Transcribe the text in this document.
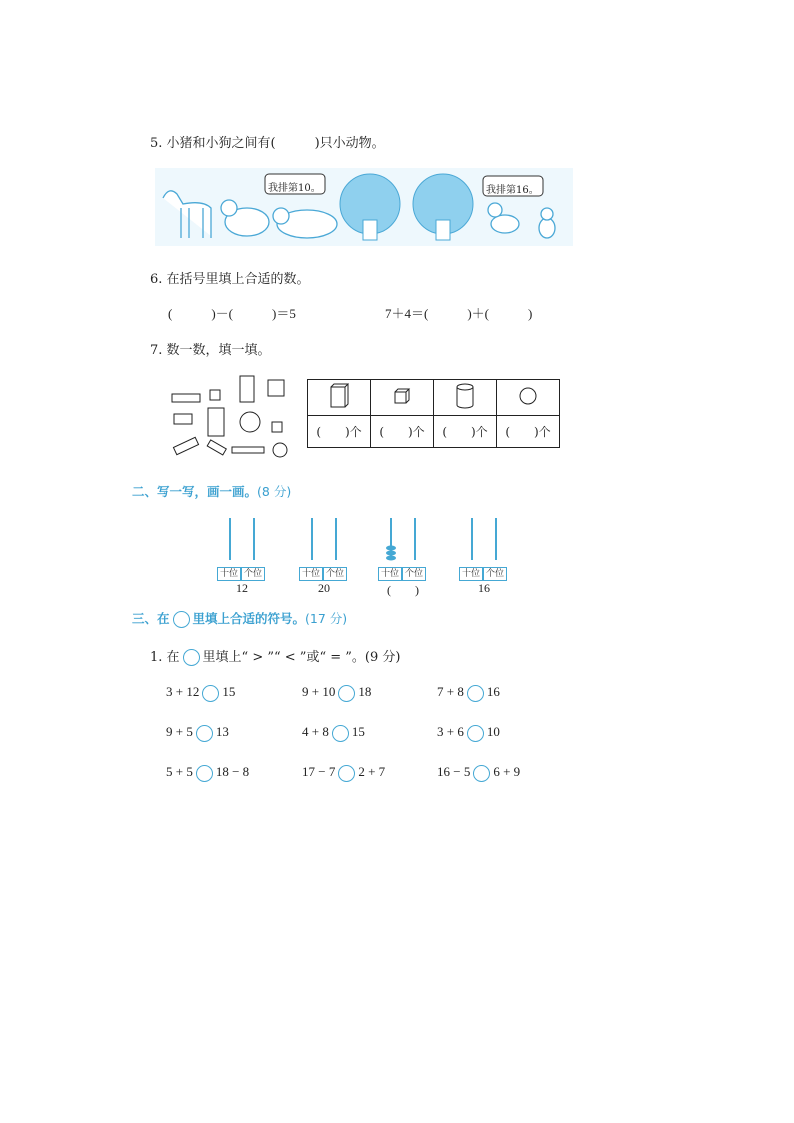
5. 小猪和小狗之间有(　　　)只小动物。
我排第10。	我排第16。
6. 在括号里填上合适的数。
(　　　)－(　　　)＝5	7＋4＝(　　　)＋(　　　)
7. 数一数，填一填。

(　　)个	(　　)个	(　　)个	(　　)个
二、写一写，画一画。(8 分)
十位 个位
12
十位 个位
20
十位 个位
(　　)
十位 个位
16
三、在 里填上合适的符号。(17 分)
1. 在 里填上“ > ”“ < ”或“ = ”。(9 分)
3 + 12 15	9 + 10 18	7 + 8 16
9 + 5 13	4 + 8 15	3 + 6 10
5 + 5 18 − 8	17 − 7 2 + 7	16 − 5 6 + 9
